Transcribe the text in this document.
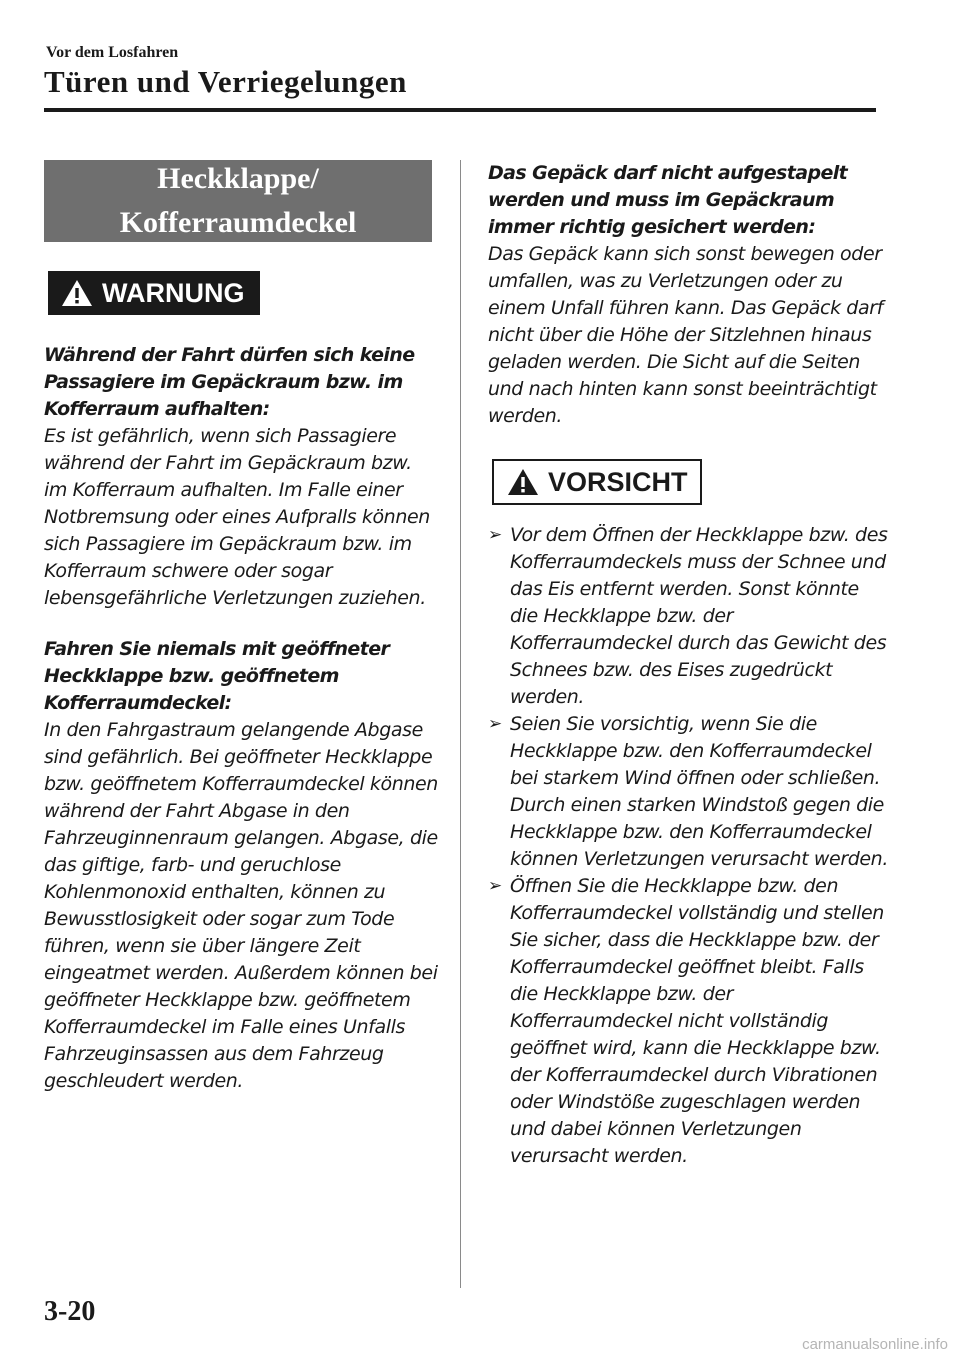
Vor dem Losfahren
Türen und Verriegelungen
Heckklappe/
Kofferraumdeckel
WARNUNG
Während der Fahrt dürfen sich keine Passagiere im Gepäckraum bzw. im Kofferraum aufhalten:
Es ist gefährlich, wenn sich Passagiere während der Fahrt im Gepäckraum bzw. im Kofferraum aufhalten. Im Falle einer Notbremsung oder eines Aufpralls können sich Passagiere im Gepäckraum bzw. im Kofferraum schwere oder sogar lebensgefährliche Verletzungen zuziehen.
Fahren Sie niemals mit geöffneter Heckklappe bzw. geöffnetem Kofferraumdeckel:
In den Fahrgastraum gelangende Abgase sind gefährlich. Bei geöffneter Heckklappe bzw. geöffnetem Kofferraumdeckel können während der Fahrt Abgase in den Fahrzeuginnenraum gelangen. Abgase, die das giftige, farb- und geruchlose Kohlenmonoxid enthalten, können zu Bewusstlosigkeit oder sogar zum Tode führen, wenn sie über längere Zeit eingeatmet werden. Außerdem können bei geöffneter Heckklappe bzw. geöffnetem Kofferraumdeckel im Falle eines Unfalls Fahrzeuginsassen aus dem Fahrzeug geschleudert werden.
Das Gepäck darf nicht aufgestapelt werden und muss im Gepäckraum immer richtig gesichert werden:
Das Gepäck kann sich sonst bewegen oder umfallen, was zu Verletzungen oder zu einem Unfall führen kann. Das Gepäck darf nicht über die Höhe der Sitzlehnen hinaus geladen werden. Die Sicht auf die Seiten und nach hinten kann sonst beeinträchtigt werden.
VORSICHT
➢ Vor dem Öffnen der Heckklappe bzw. des Kofferraumdeckels muss der Schnee und das Eis entfernt werden. Sonst könnte die Heckklappe bzw. der Kofferraumdeckel durch das Gewicht des Schnees bzw. des Eises zugedrückt werden.
➢ Seien Sie vorsichtig, wenn Sie die Heckklappe bzw. den Kofferraumdeckel bei starkem Wind öffnen oder schließen. Durch einen starken Windstoß gegen die Heckklappe bzw. den Kofferraumdeckel können Verletzungen verursacht werden.
➢ Öffnen Sie die Heckklappe bzw. den Kofferraumdeckel vollständig und stellen Sie sicher, dass die Heckklappe bzw. der Kofferraumdeckel geöffnet bleibt. Falls die Heckklappe bzw. der Kofferraumdeckel nicht vollständig geöffnet wird, kann die Heckklappe bzw. der Kofferraumdeckel durch Vibrationen oder Windstöße zugeschlagen werden und dabei können Verletzungen verursacht werden.
3-20
carmanualsonline.info
